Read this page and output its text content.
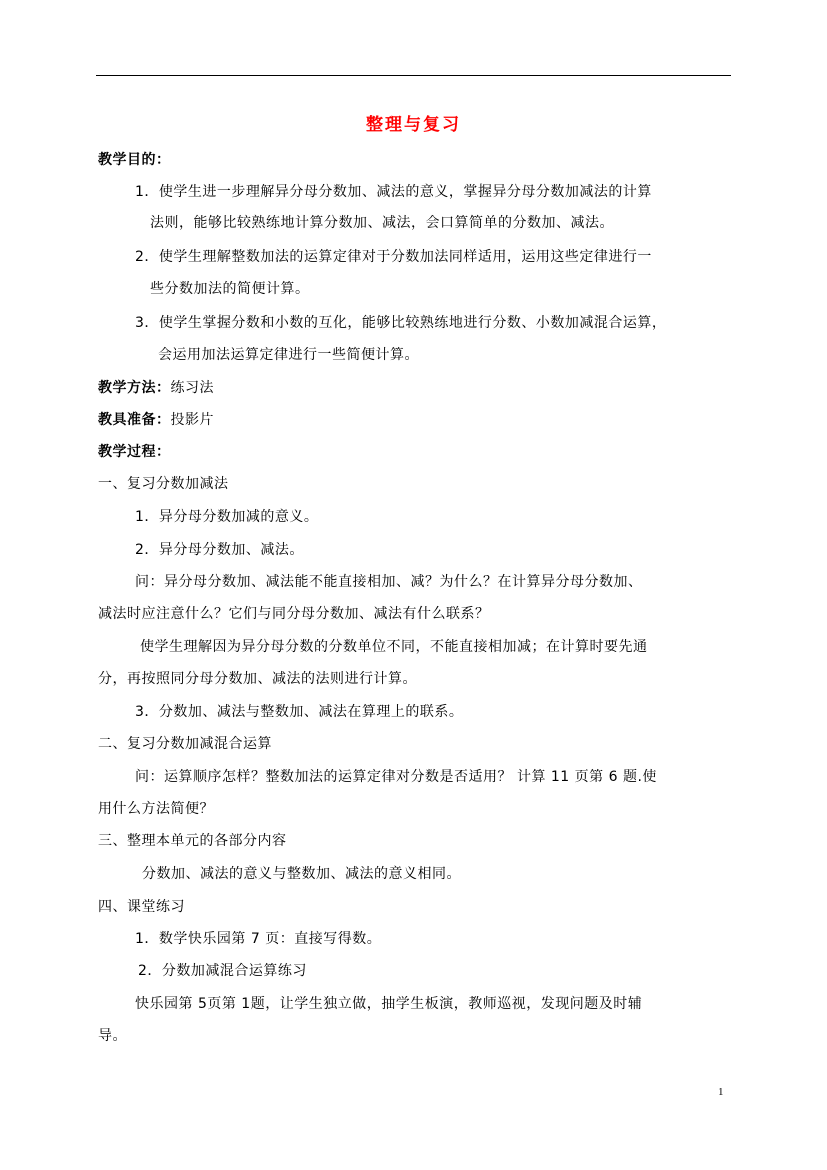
整理与复习
教学目的：
1．使学生进一步理解异分母分数加、减法的意义，掌握异分母分数加减法的计算
法则，能够比较熟练地计算分数加、减法，会口算简单的分数加、减法。
2．使学生理解整数加法的运算定律对于分数加法同样适用，运用这些定律进行一
些分数加法的简便计算。
3．使学生掌握分数和小数的互化，能够比较熟练地进行分数、小数加减混合运算，
会运用加法运算定律进行一些简便计算。
教学方法：练习法
教具准备：投影片
教学过程：
一、复习分数加减法
1．异分母分数加减的意义。
2．异分母分数加、减法。
问：异分母分数加、减法能不能直接相加、减？为什么？在计算异分母分数加、
减法时应注意什么？它们与同分母分数加、减法有什么联系？
使学生理解因为异分母分数的分数单位不同，不能直接相加减；在计算时要先通
分，再按照同分母分数加、减法的法则进行计算。
3．分数加、减法与整数加、减法在算理上的联系。
二、复习分数加减混合运算
问：运算顺序怎样？整数加法的运算定律对分数是否适用？ 计算 11 页第 6 题.使
用什么方法简便？
三、整理本单元的各部分内容
分数加、减法的意义与整数加、减法的意义相同。
四、课堂练习
1．数学快乐园第 7 页：直接写得数。
2．分数加减混合运算练习
快乐园第 5页第 1题，让学生独立做，抽学生板演，教师巡视，发现问题及时辅
导。
1
